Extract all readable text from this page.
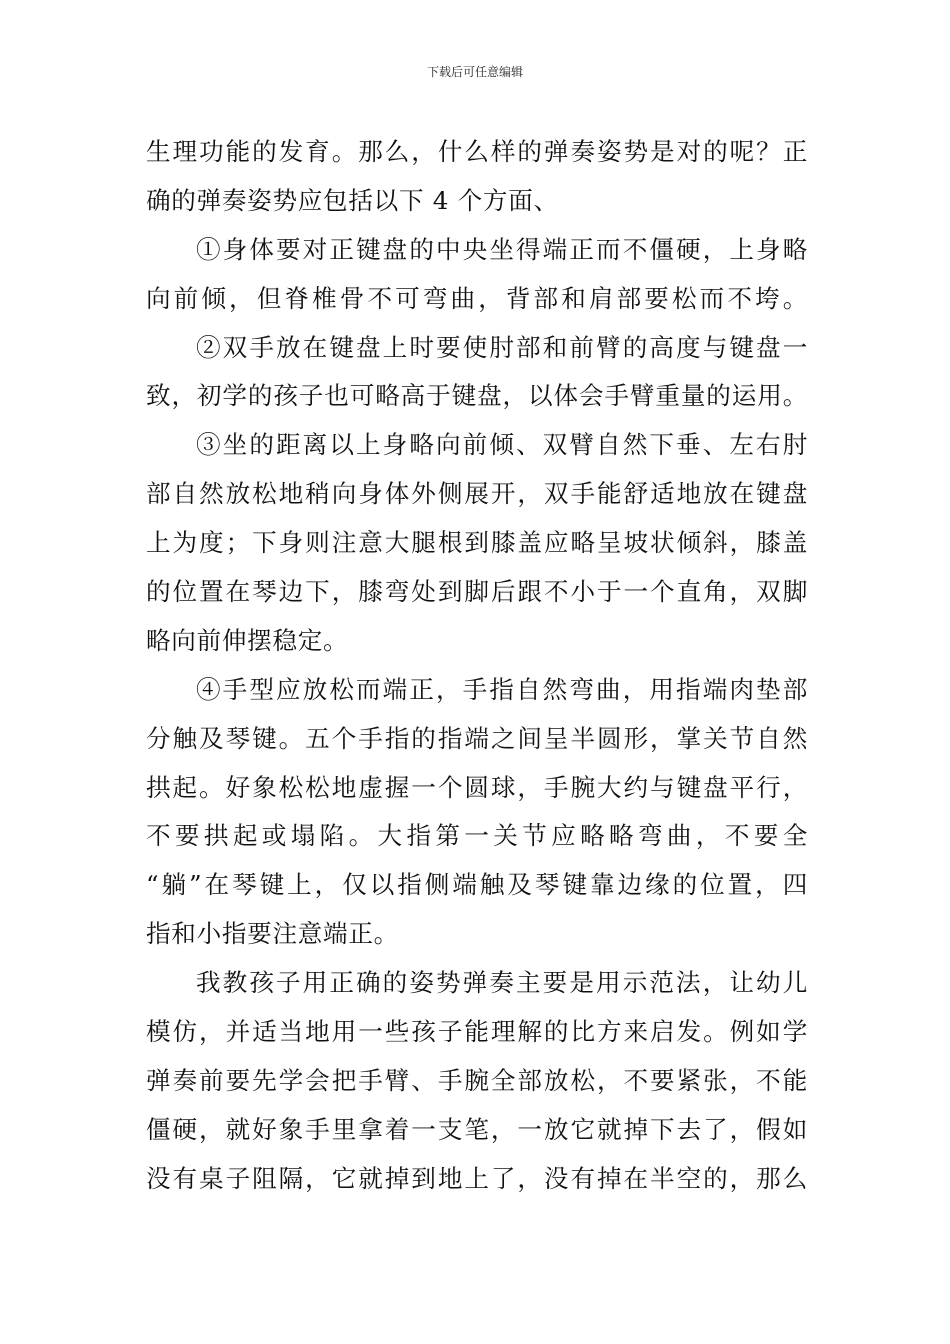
下载后可任意编辑
生理功能的发育。那么，什么样的弹奏姿势是对的呢？正
确的弹奏姿势应包括以下 4 个方面、
①身体要对正键盘的中央坐得端正而不僵硬，上身略
向前倾，但脊椎骨不可弯曲，背部和肩部要松而不垮。
②双手放在键盘上时要使肘部和前臂的高度与键盘一
致，初学的孩子也可略高于键盘，以体会手臂重量的运用。
③坐的距离以上身略向前倾、双臂自然下垂、左右肘
部自然放松地稍向身体外侧展开，双手能舒适地放在键盘
上为度；下身则注意大腿根到膝盖应略呈坡状倾斜，膝盖
的位置在琴边下，膝弯处到脚后跟不小于一个直角，双脚
略向前伸摆稳定。
④手型应放松而端正，手指自然弯曲，用指端肉垫部
分触及琴键。五个手指的指端之间呈半圆形，掌关节自然
拱起。好象松松地虚握一个圆球，手腕大约与键盘平行，
不要拱起或塌陷。大指第一关节应略略弯曲，不要全
“躺”在琴键上，仅以指侧端触及琴键靠边缘的位置，四
指和小指要注意端正。
我教孩子用正确的姿势弹奏主要是用示范法，让幼儿
模仿，并适当地用一些孩子能理解的比方来启发。例如学
弹奏前要先学会把手臂、手腕全部放松，不要紧张，不能
僵硬，就好象手里拿着一支笔，一放它就掉下去了，假如
没有桌子阻隔，它就掉到地上了，没有掉在半空的，那么
